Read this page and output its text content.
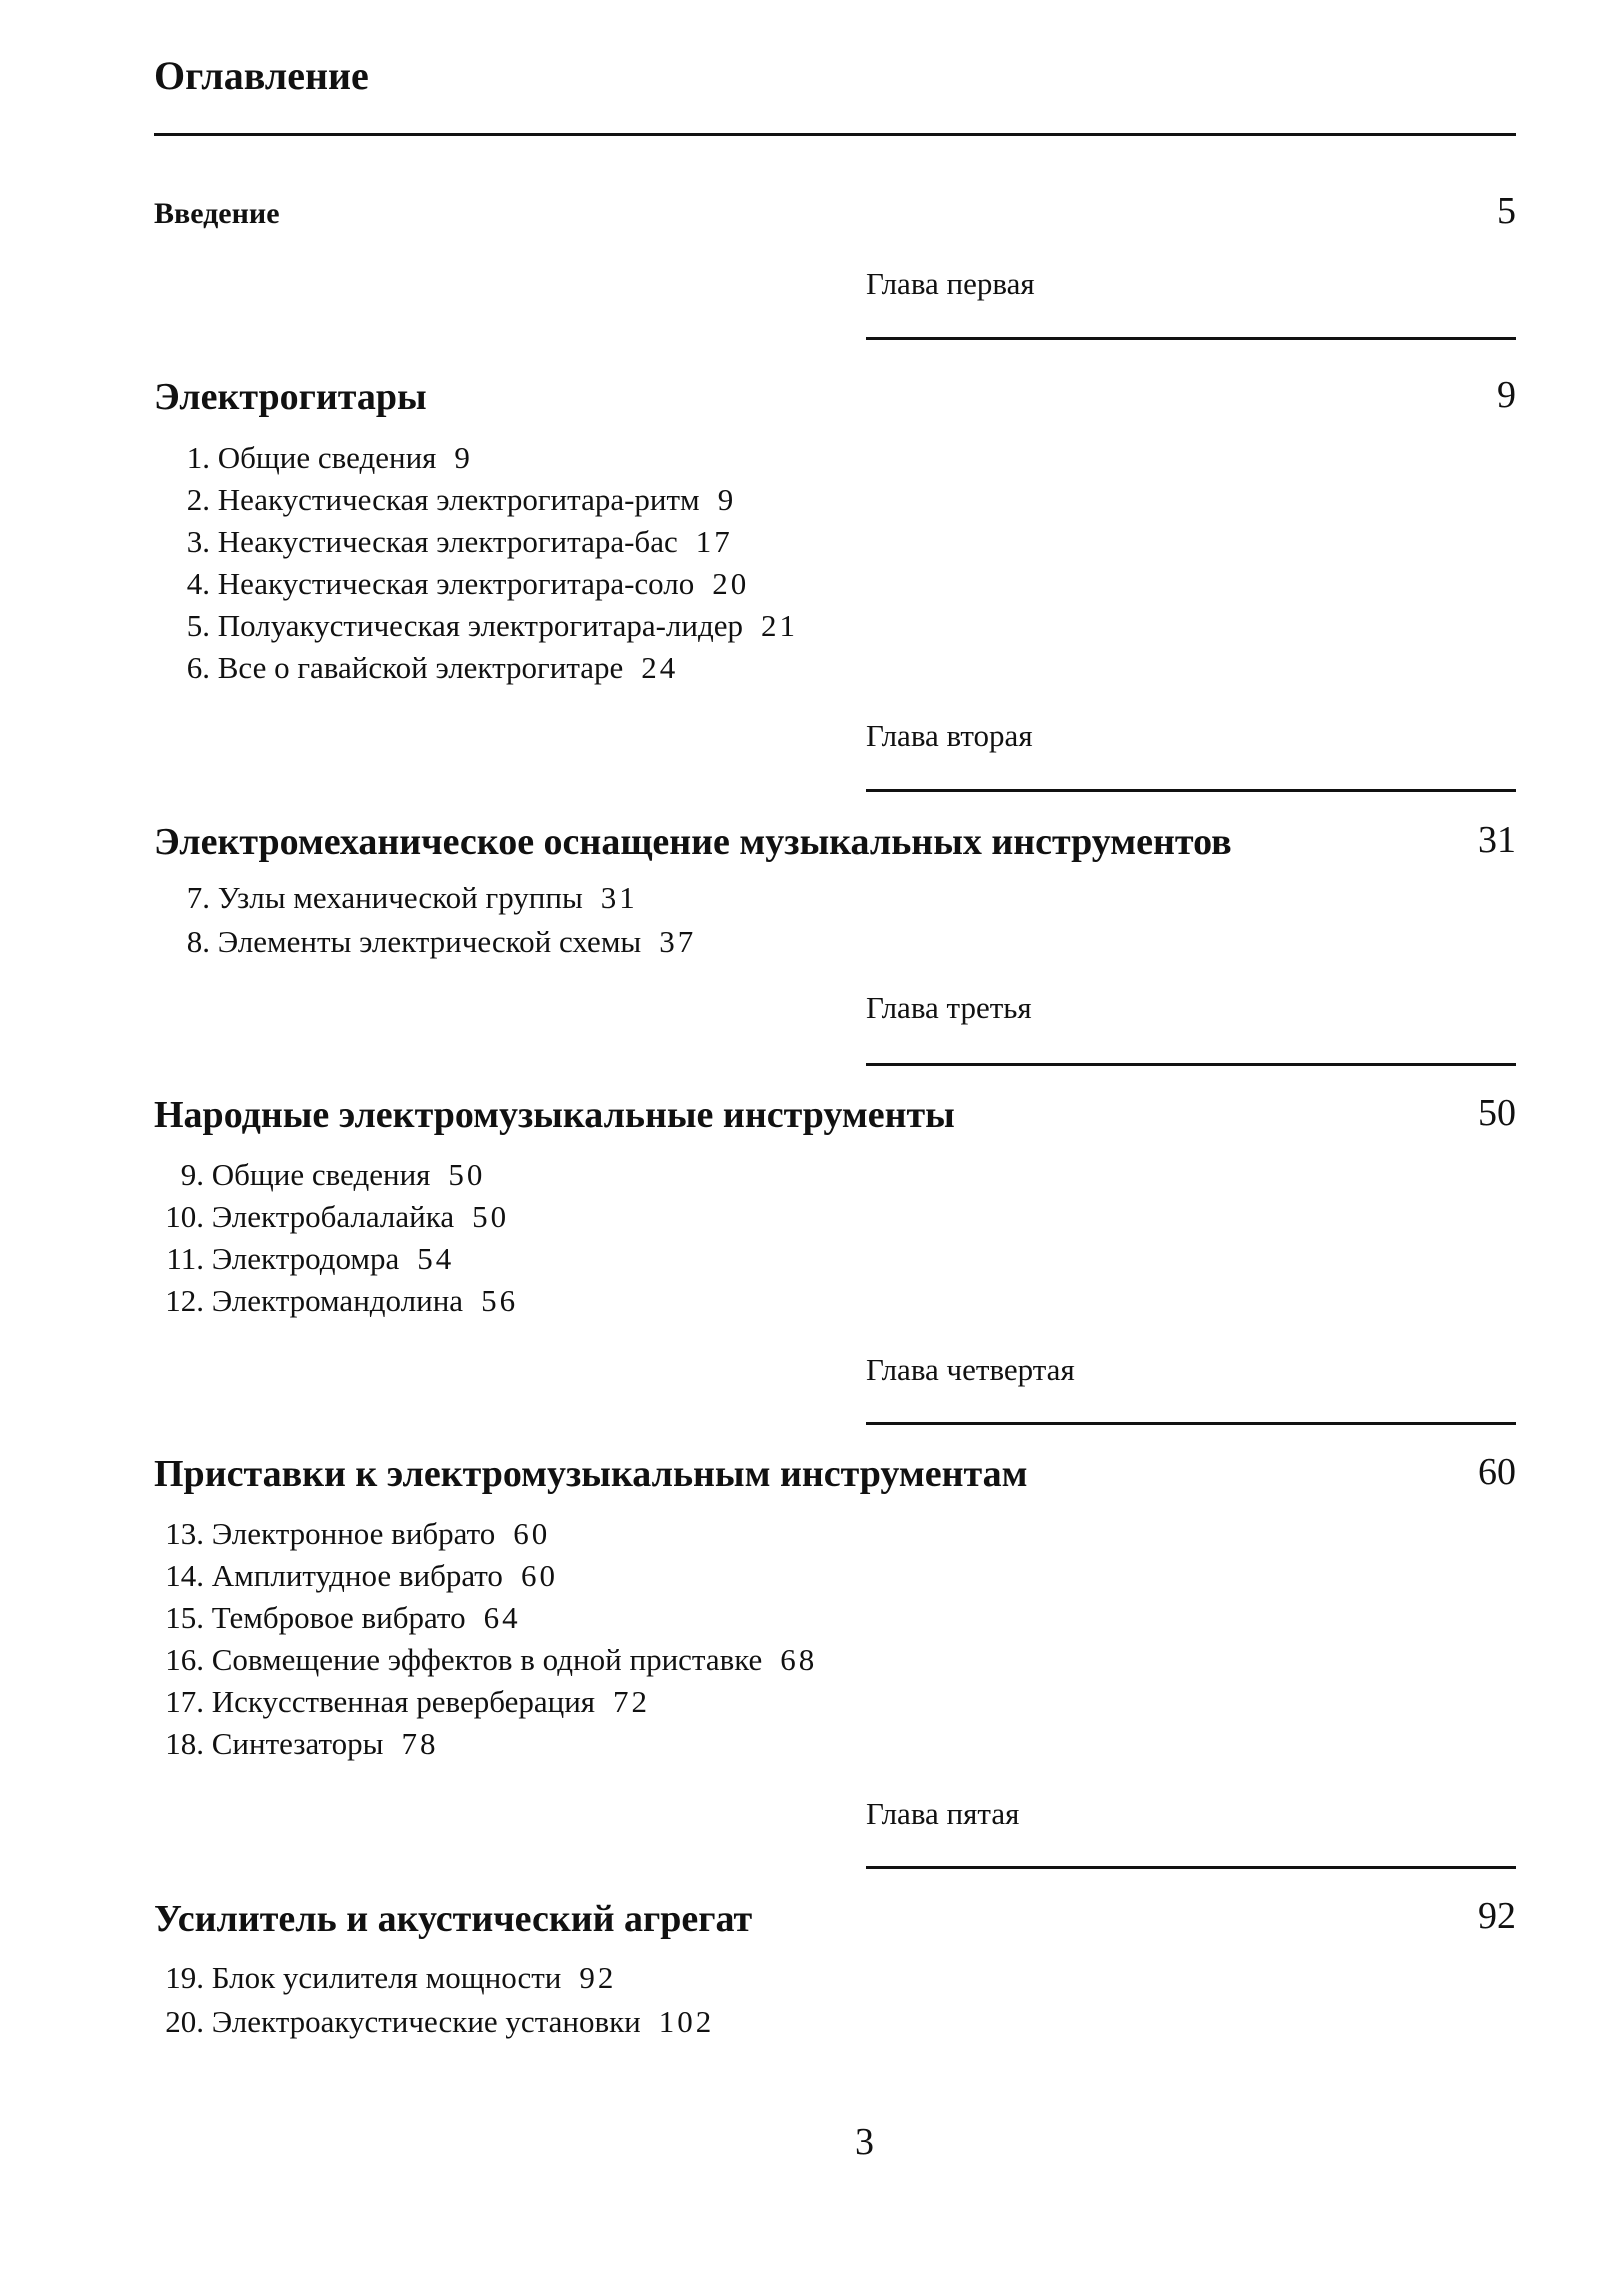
Оглавление
Введение	5
Глава первая
Электрогитары	9
1. Общие сведения 9
2. Неакустическая электрогитара-ритм 9
3. Неакустическая электрогитара-бас 17
4. Неакустическая электрогитара-соло 20
5. Полуакустическая электрогитара-лидер 21
6. Все о гавайской электрогитаре 24
Глава вторая
Электромеханическое оснащение музыкальных инструментов	31
7. Узлы механической группы 31
8. Элементы электрической схемы 37
Глава третья
Народные электромузыкальные инструменты	50
9. Общие сведения 50
10. Электробалалайка 50
11. Электродомра 54
12. Электромандолина 56
Глава четвертая
Приставки к электромузыкальным инструментам	60
13. Электронное вибрато 60
14. Амплитудное вибрато 60
15. Тембровое вибрато 64
16. Совмещение эффектов в одной приставке 68
17. Искусственная реверберация 72
18. Синтезаторы 78
Глава пятая
Усилитель и акустический агрегат	92
19. Блок усилителя мощности 92
20. Электроакустические установки 102
3
